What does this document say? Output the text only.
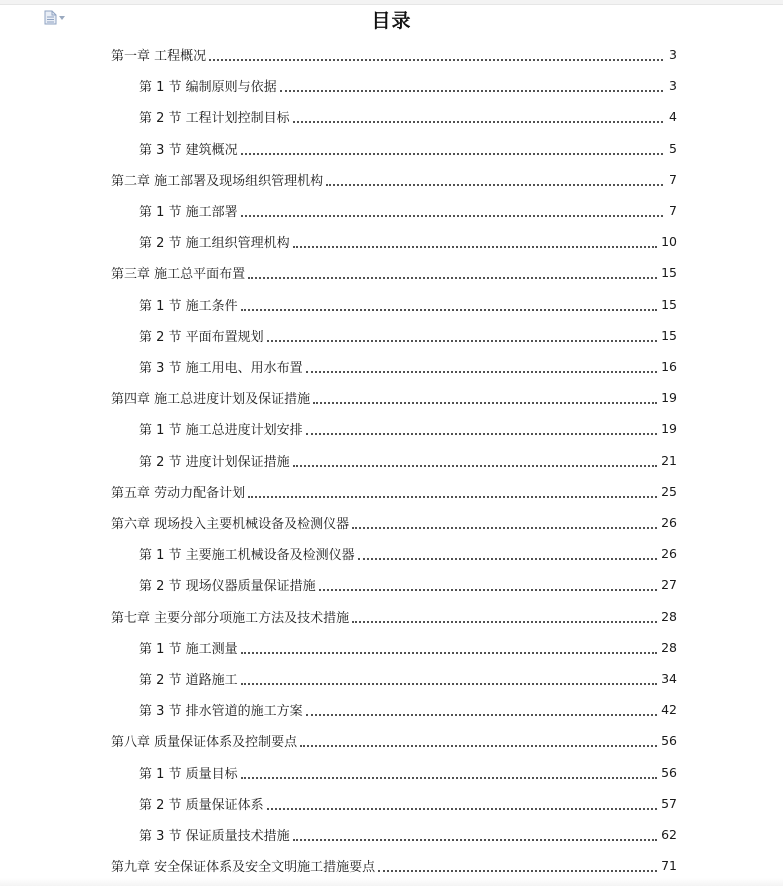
目录
第一章 工程概况	3
第 1 节 编制原则与依据	3
第 2 节 工程计划控制目标	4
第 3 节 建筑概况	5
第二章 施工部署及现场组织管理机构	7
第 1 节 施工部署	7
第 2 节 施工组织管理机构	10
第三章 施工总平面布置	15
第 1 节 施工条件	15
第 2 节 平面布置规划	15
第 3 节 施工用电、用水布置	16
第四章 施工总进度计划及保证措施	19
第 1 节 施工总进度计划安排	19
第 2 节 进度计划保证措施	21
第五章 劳动力配备计划	25
第六章 现场投入主要机械设备及检测仪器	26
第 1 节 主要施工机械设备及检测仪器	26
第 2 节 现场仪器质量保证措施	27
第七章 主要分部分项施工方法及技术措施	28
第 1 节 施工测量	28
第 2 节 道路施工	34
第 3 节 排水管道的施工方案	42
第八章 质量保证体系及控制要点	56
第 1 节 质量目标	56
第 2 节 质量保证体系	57
第 3 节 保证质量技术措施	62
第九章 安全保证体系及安全文明施工措施要点	71
